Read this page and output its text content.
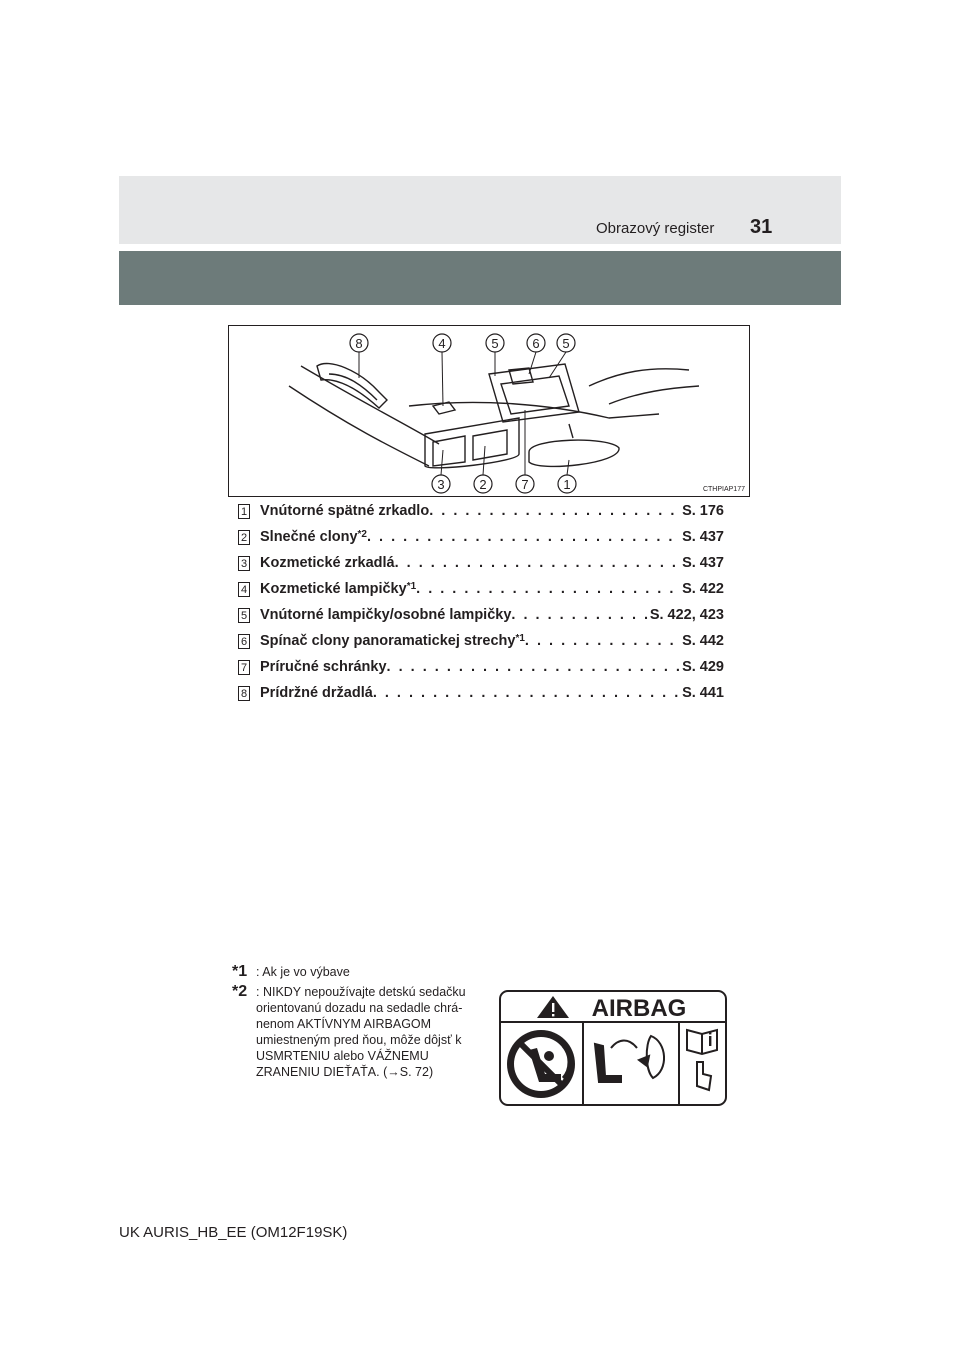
Obrazový register 31
8	4	5	6 5
3	2	7	1	CTHPIAP177
1 Vnútorné spätné zrkadlo . . .	S. 176
2 Slnečné clony *2 . . .	S. 437
3 Kozmetické zrkadlá . . .	S. 437
4 Kozmetické lampičky *1 . . .	S. 422
5 Vnútorné lampičky/osobné lampičky . . .	S. 422, 423
6 Spínač clony panoramatickej strechy *1 . . .	S. 442
7 Príručné schránky . . .	S. 429
8 Prídržné držadlá . . .	S. 441
*1 : Ak je vo výbave
*2 : NIKDY nepoužívajte detskú sedačku orientovanú dozadu na sedadle chrá-nenom AKTÍVNYM AIRBAGOM umiestneným pred ňou, môže dôjsť k USMRTENIU alebo VÁŽNEMU ZRANENIU DIEŤAŤA. (→S. 72)
AIRBAG
UK AURIS_HB_EE (OM12F19SK)
